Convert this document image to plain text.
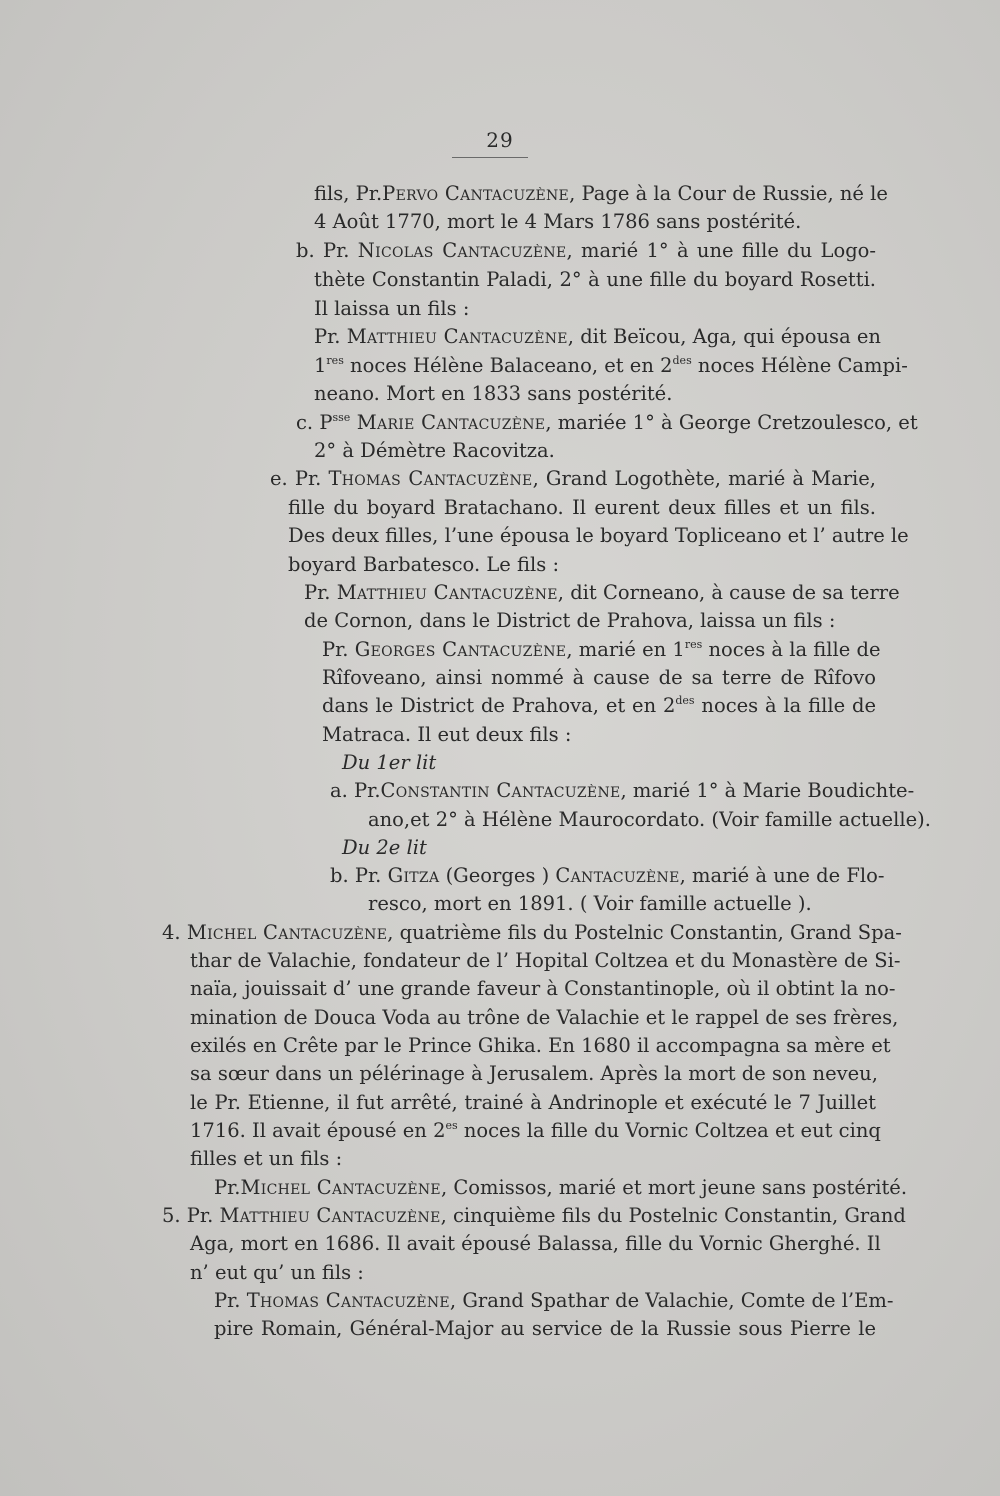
29
fils, Pr.Pervo Cantacuzène, Page à la Cour de Russie, né le
4 Août 1770, mort le 4 Mars 1786 sans postérité.
b. Pr. Nicolas Cantacuzène, marié 1° à une fille du Logo-
thète Constantin Paladi, 2° à une fille du boyard Rosetti.
Il laissa un fils :
Pr. Matthieu Cantacuzène, dit Beïcou, Aga, qui épousa en
1res noces Hélène Balaceano, et en $2^{des}$ noces Hélène Campi-
neano. Mort en 1833 sans postérité.
c. $P^{sse}$ Marie Cantacuzène, mariée 1° à George Cretzoulesco, et
2° à Démètre Racovitza.
e. Pr. Thomas Cantacuzène, Grand Logothète, marié à Marie,
fille du boyard Bratachano. Il eurent deux filles et un fils.
Des deux filles, l’une épousa le boyard Topliceano et l’ autre le
boyard Barbatesco. Le fils :
Pr. Matthieu Cantacuzène, dit Corneano, à cause de sa terre
de Cornon, dans le District de Prahova, laissa un fils :
Pr. Georges Cantacuzène, marié en 1res noces à la fille de
Rîfoveano, ainsi nommé à cause de sa terre de Rîfovo
dans le District de Prahova, et en $2^{des}$ noces à la fille de
Matraca. Il eut deux fils :
Du 1er lit
a. Pr.Constantin Cantacuzène, marié 1° à Marie Boudichte-
ano,et 2° à Hélène Maurocordato. (Voir famille actuelle).
Du 2e lit
b. Pr. Gitza (Georges ) Cantacuzène, marié à une de Flo-
resco, mort en 1891. ( Voir famille actuelle ).
4. Michel Cantacuzène, quatrième fils du Postelnic Constantin, Grand Spa-
thar de Valachie, fondateur de l’ Hopital Coltzea et du Monastère de Si-
naïa, jouissait d’ une grande faveur à Constantinople, où il obtint la no-
mination de Douca Voda au trône de Valachie et le rappel de ses frères,
exilés en Crête par le Prince Ghika. En 1680 il accompagna sa mère et
sa sœur dans un pélérinage à Jerusalem. Après la mort de son neveu,
le Pr. Etienne, il fut arrêté, trainé à Andrinople et exécuté le 7 Juillet
1716. Il avait épousé en $2^{es}$ noces la fille du Vornic Coltzea et eut cinq
filles et un fils :
Pr.Michel Cantacuzène, Comissos, marié et mort jeune sans postérité.
5. Pr. Matthieu Cantacuzène, cinquième fils du Postelnic Constantin, Grand
Aga, mort en 1686. Il avait épousé Balassa, fille du Vornic Gherghé. Il
n’ eut qu’ un fils :
Pr. Thomas Cantacuzène, Grand Spathar de Valachie, Comte de l’Em-
pire Romain, Général-Major au service de la Russie sous Pierre le
